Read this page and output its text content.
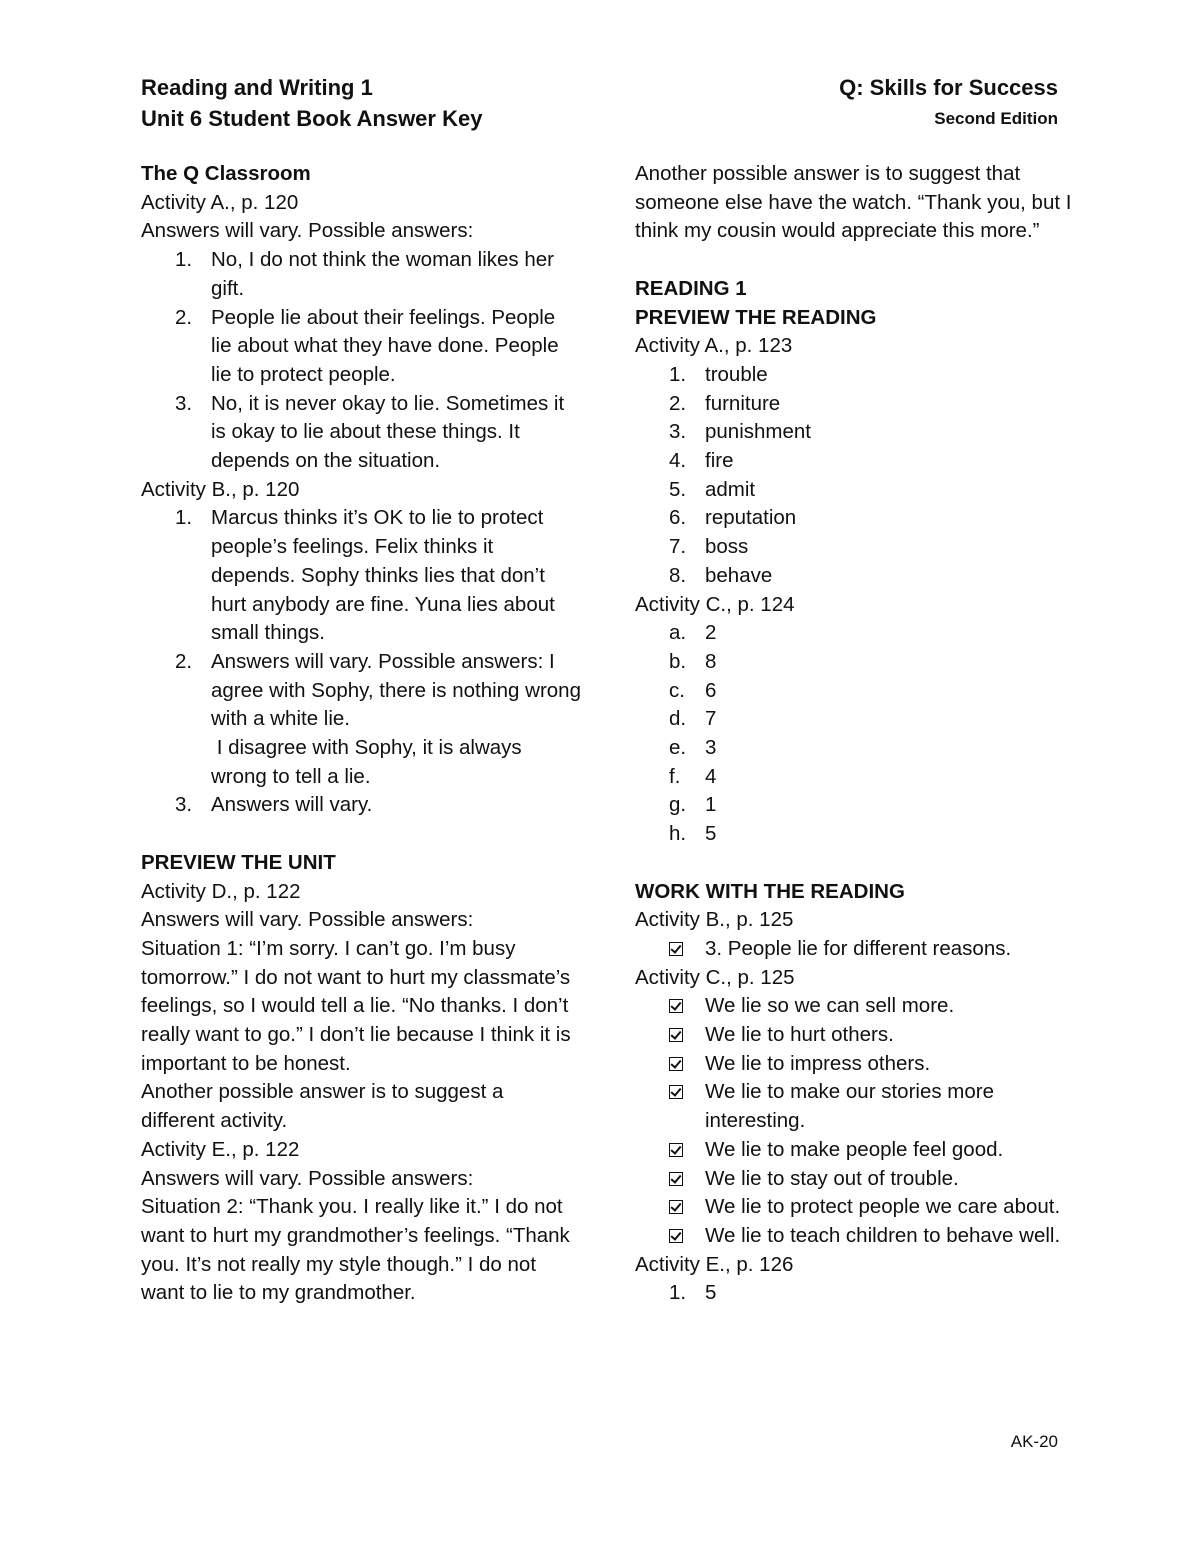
Reading and Writing 1
Unit 6 Student Book Answer Key
Q: Skills for Success
Second Edition
The Q Classroom
Activity A., p. 120
Answers will vary. Possible answers:
1. No, I do not think the woman likes her gift.
2. People lie about their feelings. People lie about what they have done. People lie to protect people.
3. No, it is never okay to lie. Sometimes it is okay to lie about these things. It depends on the situation.
Activity B., p. 120
1. Marcus thinks it’s OK to lie to protect people’s feelings. Felix thinks it depends. Sophy thinks lies that don’t hurt anybody are fine. Yuna lies about small things.
2. Answers will vary. Possible answers: I agree with Sophy, there is nothing wrong with a white lie.
I disagree with Sophy, it is always wrong to tell a lie.
3. Answers will vary.
PREVIEW THE UNIT
Activity D., p. 122
Answers will vary. Possible answers:
Situation 1: “I’m sorry. I can’t go. I’m busy tomorrow.” I do not want to hurt my classmate’s feelings, so I would tell a lie. “No thanks. I don’t really want to go.” I don’t lie because I think it is important to be honest.
Another possible answer is to suggest a different activity.
Activity E., p. 122
Answers will vary. Possible answers:
Situation 2: “Thank you. I really like it.” I do not want to hurt my grandmother’s feelings. “Thank you. It’s not really my style though.” I do not want to lie to my grandmother.
Another possible answer is to suggest that someone else have the watch. “Thank you, but I think my cousin would appreciate this more.”
READING 1
PREVIEW THE READING
Activity A., p. 123
1. trouble
2. furniture
3. punishment
4. fire
5. admit
6. reputation
7. boss
8. behave
Activity C., p. 124
a. 2
b. 8
c. 6
d. 7
e. 3
f.	4
g. 1
h. 5
WORK WITH THE READING
Activity B., p. 125
3. People lie for different reasons.
Activity C., p. 125
We lie so we can sell more.
We lie to hurt others.
We lie to impress others.
We lie to make our stories more interesting.
We lie to make people feel good.
We lie to stay out of trouble.
We lie to protect people we care about.
We lie to teach children to behave well.
Activity E., p. 126
1. 5
AK-20
